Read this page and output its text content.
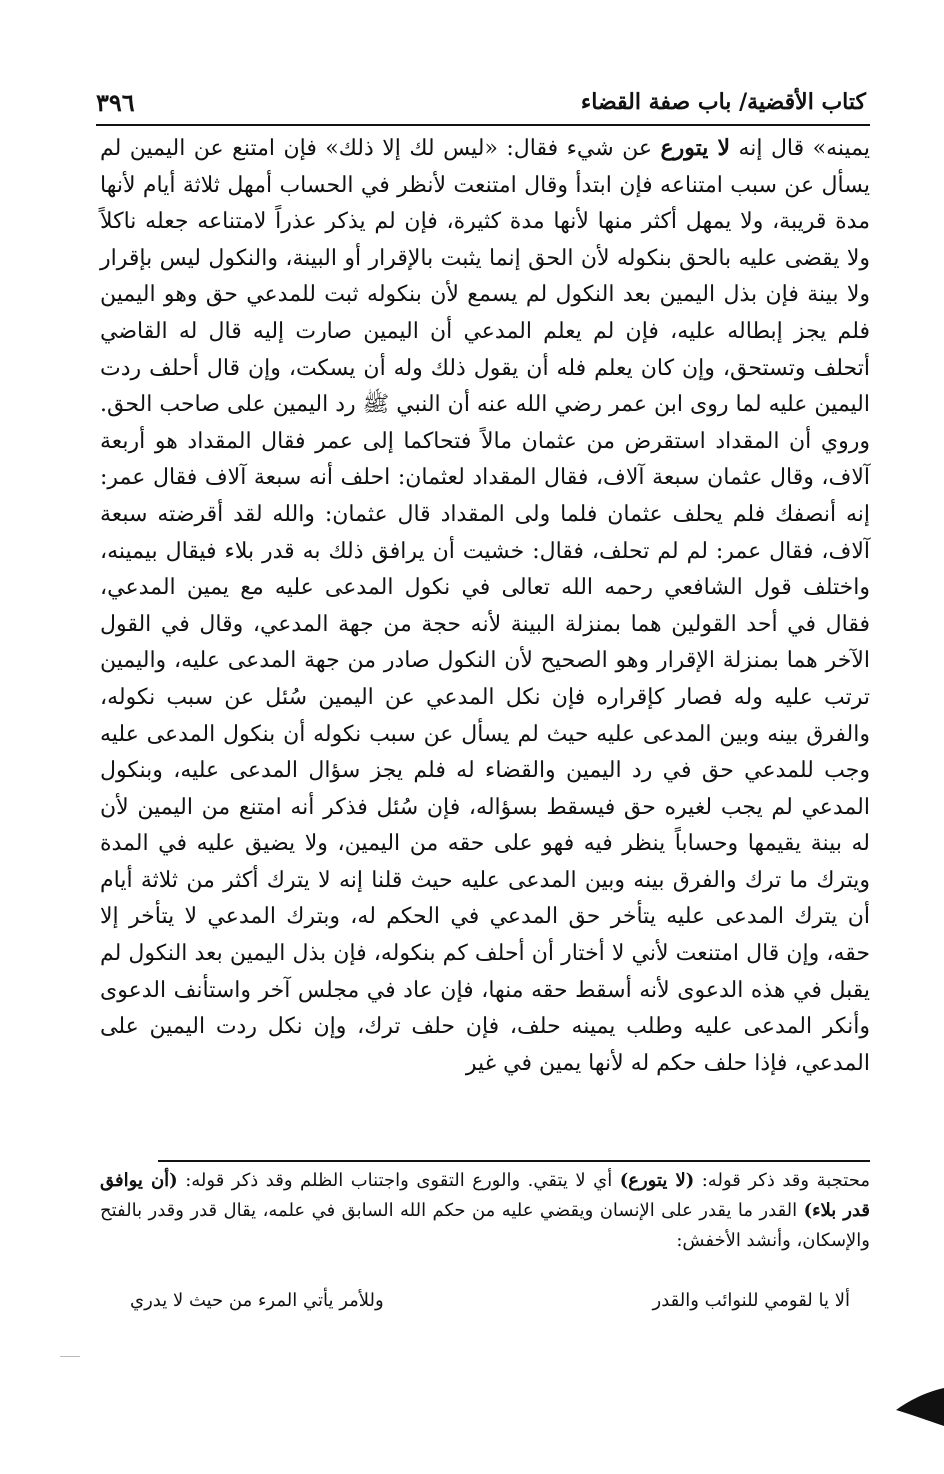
كتاب الأقضية/ باب صفة القضاء
٣٩٦

يمينه» قال إنه لا يتورع عن شيء فقال: «ليس لك إلا ذلك» فإن امتنع عن اليمين لم يسأل عن سبب امتناعه فإن ابتدأ وقال امتنعت لأنظر في الحساب أمهل ثلاثة أيام لأنها مدة قريبة، ولا يمهل أكثر منها لأنها مدة كثيرة، فإن لم يذكر عذراً لامتناعه جعله ناكلاً ولا يقضى عليه بالحق بنكوله لأن الحق إنما يثبت بالإقرار أو البينة، والنكول ليس بإقرار ولا بينة فإن بذل اليمين بعد النكول لم يسمع لأن بنكوله ثبت للمدعي حق وهو اليمين فلم يجز إبطاله عليه، فإن لم يعلم المدعي أن اليمين صارت إليه قال له القاضي أتحلف وتستحق، وإن كان يعلم فله أن يقول ذلك وله أن يسكت، وإن قال أحلف ردت اليمين عليه لما روى ابن عمر رضي الله عنه أن النبي ﷺ رد اليمين على صاحب الحق. وروي أن المقداد استقرض من عثمان مالاً فتحاكما إلى عمر فقال المقداد هو أربعة آلاف، وقال عثمان سبعة آلاف، فقال المقداد لعثمان: احلف أنه سبعة آلاف فقال عمر: إنه أنصفك فلم يحلف عثمان فلما ولى المقداد قال عثمان: والله لقد أقرضته سبعة آلاف، فقال عمر: لم لم تحلف، فقال: خشيت أن يرافق ذلك به قدر بلاء فيقال بيمينه، واختلف قول الشافعي رحمه الله تعالى في نكول المدعى عليه مع يمين المدعي، فقال في أحد القولين هما بمنزلة البينة لأنه حجة من جهة المدعي، وقال في القول الآخر هما بمنزلة الإقرار وهو الصحيح لأن النكول صادر من جهة المدعى عليه، واليمين ترتب عليه وله فصار كإقراره فإن نكل المدعي عن اليمين سُئل عن سبب نكوله، والفرق بينه وبين المدعى عليه حيث لم يسأل عن سبب نكوله أن بنكول المدعى عليه وجب للمدعي حق في رد اليمين والقضاء له فلم يجز سؤال المدعى عليه، وبنكول المدعي لم يجب لغيره حق فيسقط بسؤاله، فإن سُئل فذكر أنه امتنع من اليمين لأن له بينة يقيمها وحساباً ينظر فيه فهو على حقه من اليمين، ولا يضيق عليه في المدة ويترك ما ترك والفرق بينه وبين المدعى عليه حيث قلنا إنه لا يترك أكثر من ثلاثة أيام أن يترك المدعى عليه يتأخر حق المدعي في الحكم له، وبترك المدعي لا يتأخر إلا حقه، وإن قال امتنعت لأني لا أختار أن أحلف كم بنكوله، فإن بذل اليمين بعد النكول لم يقبل في هذه الدعوى لأنه أسقط حقه منها، فإن عاد في مجلس آخر واستأنف الدعوى وأنكر المدعى عليه وطلب يمينه حلف، فإن حلف ترك، وإن نكل ردت اليمين على المدعي، فإذا حلف حكم له لأنها يمين في غير

محتجبة وقد ذكر قوله: (لا يتورع) أي لا يتقي. والورع التقوى واجتناب الظلم وقد ذكر قوله: (أن يوافق قدر بلاء) القدر ما يقدر على الإنسان ويقضي عليه من حكم الله السابق في علمه، يقال قدر وقدر بالفتح والإسكان، وأنشد الأخفش:

ألا يا لقومي للنوائب والقدر
وللأمر يأتي المرء من حيث لا يدري
